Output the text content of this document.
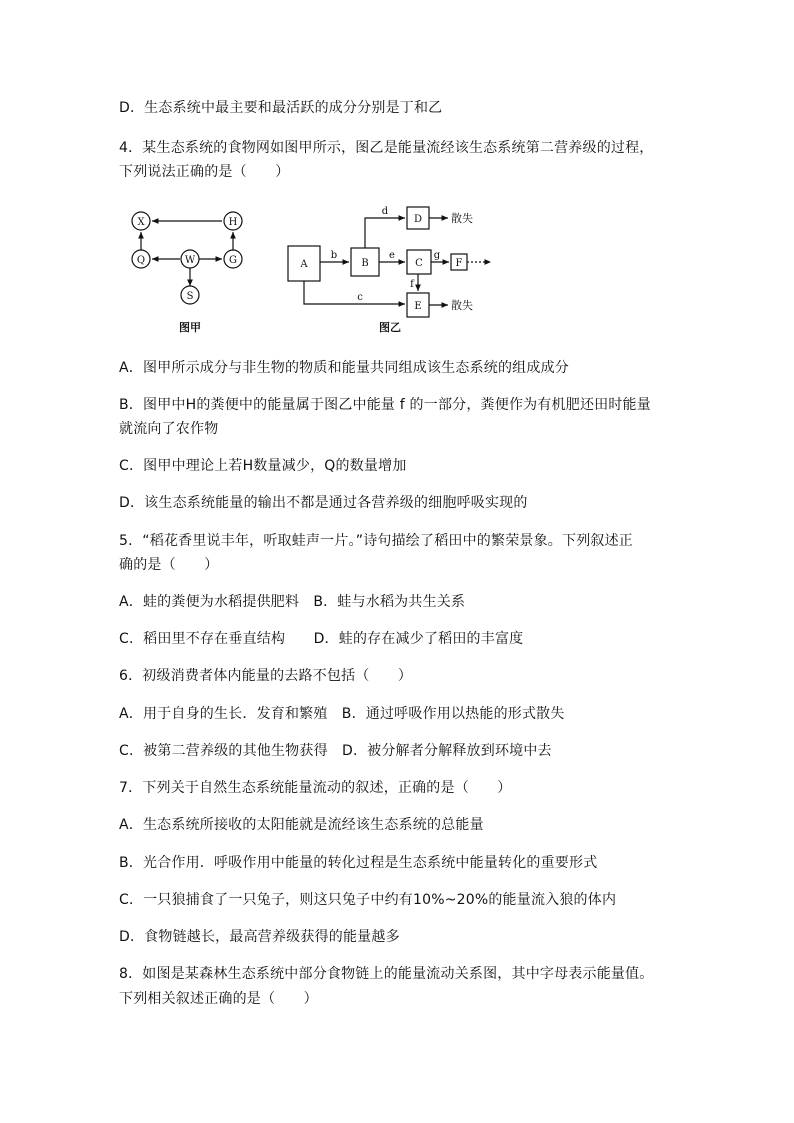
D．生态系统中最主要和最活跃的成分分别是丁和乙
4．某生态系统的食物网如图甲所示，图乙是能量流经该生态系统第二营养级的过程，
下列说法正确的是（　　）
A．图甲所示成分与非生物的物质和能量共同组成该生态系统的组成成分
B．图甲中H的粪便中的能量属于图乙中能量 f 的一部分，粪便作为有机肥还田时能量
就流向了农作物
C．图甲中理论上若H数量减少，Q的数量增加
D．该生态系统能量的输出不都是通过各营养级的细胞呼吸实现的
5．“稻花香里说丰年，听取蛙声一片。”诗句描绘了稻田中的繁荣景象。下列叙述正
确的是（　　）
A．蛙的粪便为水稻提供肥料　B．蛙与水稻为共生关系
C．稻田里不存在垂直结构　　D．蛙的存在减少了稻田的丰富度
6．初级消费者体内能量的去路不包括（　　）
A．用于自身的生长．发育和繁殖　B．通过呼吸作用以热能的形式散失
C．被第二营养级的其他生物获得　D．被分解者分解释放到环境中去
7．下列关于自然生态系统能量流动的叙述，正确的是（　　）
A．生态系统所接收的太阳能就是流经该生态系统的总能量
B．光合作用．呼吸作用中能量的转化过程是生态系统中能量转化的重要形式
C．一只狼捕食了一只兔子，则这只兔子中约有10%~20%的能量流入狼的体内
D．食物链越长，最高营养级获得的能量越多
8．如图是某森林生态系统中部分食物链上的能量流动关系图，其中字母表示能量值。
下列相关叙述正确的是（　　）
X	H
Q	W	G
S
图甲
A	B
D
C	F
E
b
d
e	g
f
c
散失
散失
图乙
